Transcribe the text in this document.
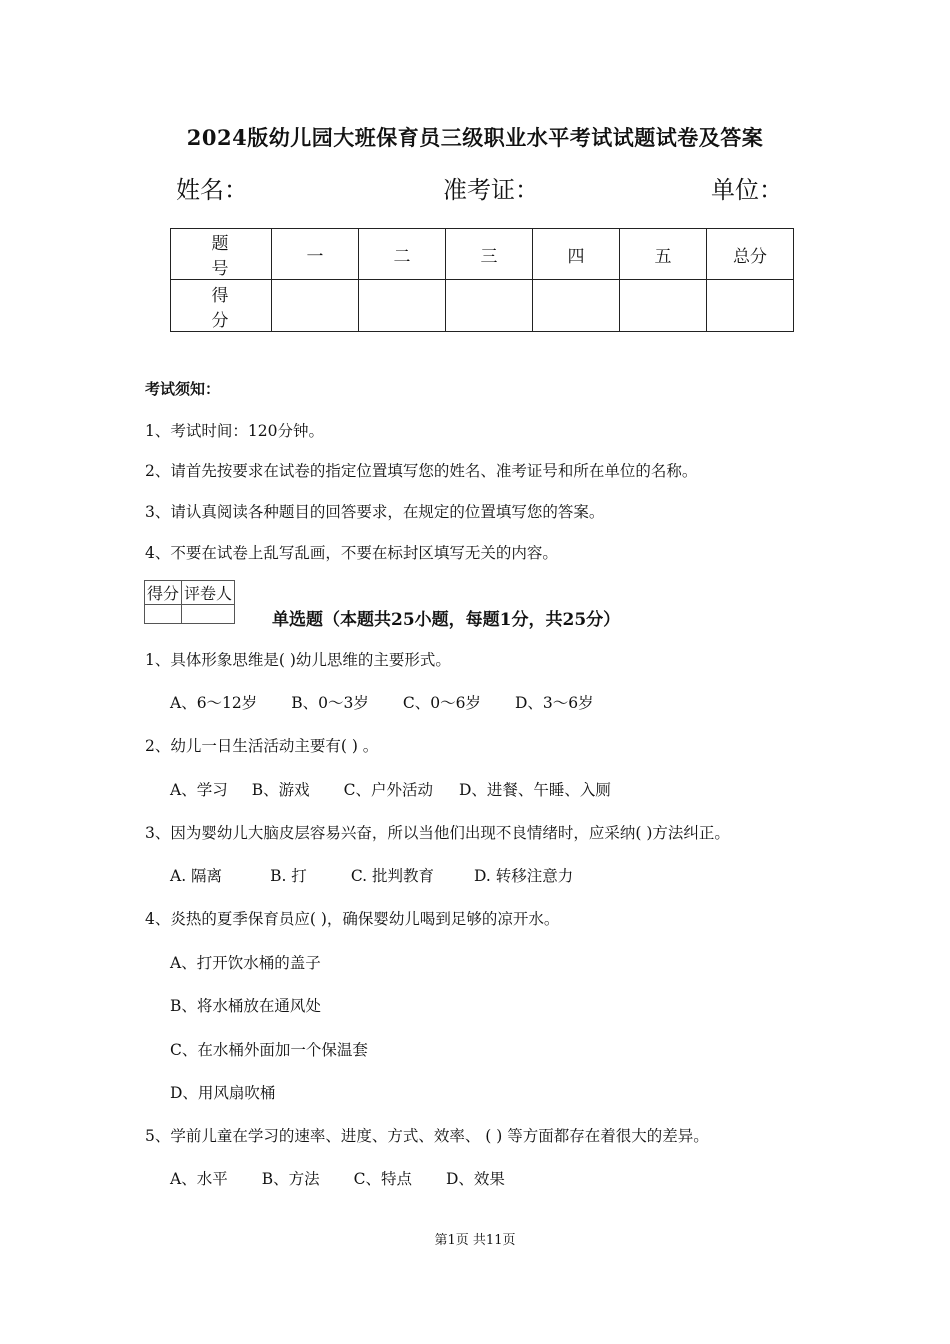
2024版幼儿园大班保育员三级职业水平考试试题试卷及答案
姓名：	准考证：	单位：
题 号	一	二	三	四	五	总分
得 分						
考试须知：
1、考试时间：120分钟。
2、请首先按要求在试卷的指定位置填写您的姓名、准考证号和所在单位的名称。
3、请认真阅读各种题目的回答要求，在规定的位置填写您的答案。
4、不要在试卷上乱写乱画，不要在标封区填写无关的内容。
得分	评卷人

单选题（本题共25小题，每题1分，共25分）
1、具体形象思维是( )幼儿思维的主要形式。
A、6～12岁 B、0～3岁 C、0～6岁 D、3～6岁
2、幼儿一日生活活动主要有( ) 。
A、学习 B、游戏 C、户外活动 D、进餐、午睡、入厕
3、因为婴幼儿大脑皮层容易兴奋，所以当他们出现不良情绪时，应采纳( )方法纠正。
A. 隔离	B. 打	C. 批判教育	D. 转移注意力
4、炎热的夏季保育员应( )，确保婴幼儿喝到足够的凉开水。
A、打开饮水桶的盖子
B、将水桶放在通风处
C、在水桶外面加一个保温套
D、用风扇吹桶
5、学前儿童在学习的速率、进度、方式、效率、 ( ) 等方面都存在着很大的差异。
A、水平 B、方法 C、特点 D、效果
第1页 共11页
